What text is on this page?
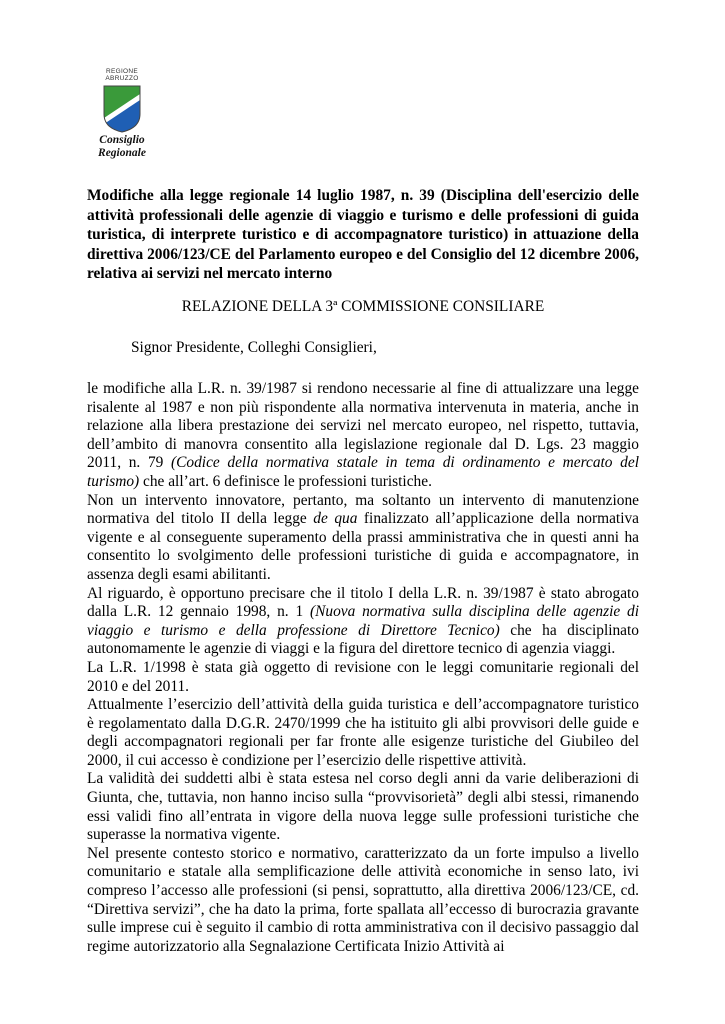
REGIONE
ABRUZZO
Consiglio
Regionale

Modifiche alla legge regionale 14 luglio 1987, n. 39 (Disciplina dell'esercizio delle attività professionali delle agenzie di viaggio e turismo e delle professioni di guida turistica, di interprete turistico e di accompagnatore turistico) in attuazione della direttiva 2006/123/CE del Parlamento europeo e del Consiglio del 12 dicembre 2006, relativa ai servizi nel mercato interno

RELAZIONE DELLA 3ª COMMISSIONE CONSILIARE

Signor Presidente, Colleghi Consiglieri,

le modifiche alla L.R. n. 39/1987 si rendono necessarie al fine di attualizzare una legge risalente al 1987 e non più rispondente alla normativa intervenuta in materia, anche in relazione alla libera prestazione dei servizi nel mercato europeo, nel rispetto, tuttavia, dell’ambito di manovra consentito alla legislazione regionale dal D. Lgs. 23 maggio 2011, n. 79 (Codice della normativa statale in tema di ordinamento e mercato del turismo) che all’art. 6 definisce le professioni turistiche.

Non un intervento innovatore, pertanto, ma soltanto un intervento di manutenzione normativa del titolo II della legge de qua finalizzato all’applicazione della normativa vigente e al conseguente superamento della prassi amministrativa che in questi anni ha consentito lo svolgimento delle professioni turistiche di guida e accompagnatore, in assenza degli esami abilitanti.

Al riguardo, è opportuno precisare che il titolo I della L.R. n. 39/1987 è stato abrogato dalla L.R. 12 gennaio 1998, n. 1 (Nuova normativa sulla disciplina delle agenzie di viaggio e turismo e della professione di Direttore Tecnico) che ha disciplinato autonomamente le agenzie di viaggi e la figura del direttore tecnico di agenzia viaggi.

La L.R. 1/1998 è stata già oggetto di revisione con le leggi comunitarie regionali del 2010 e del 2011.

Attualmente l’esercizio dell’attività della guida turistica e dell’accompagnatore turistico è regolamentato dalla D.G.R. 2470/1999 che ha istituito gli albi provvisori delle guide e degli accompagnatori regionali per far fronte alle esigenze turistiche del Giubileo del 2000, il cui accesso è condizione per l’esercizio delle rispettive attività.

La validità dei suddetti albi è stata estesa nel corso degli anni da varie deliberazioni di Giunta, che, tuttavia, non hanno inciso sulla “provvisorietà” degli albi stessi, rimanendo essi validi fino all’entrata in vigore della nuova legge sulle professioni turistiche che superasse la normativa vigente.

Nel presente contesto storico e normativo, caratterizzato da un forte impulso a livello comunitario e statale alla semplificazione delle attività economiche in senso lato, ivi compreso l’accesso alle professioni (si pensi, soprattutto, alla direttiva 2006/123/CE, cd. “Direttiva servizi”, che ha dato la prima, forte spallata all’eccesso di burocrazia gravante sulle imprese cui è seguito il cambio di rotta amministrativa con il decisivo passaggio dal regime autorizzatorio alla Segnalazione Certificata Inizio Attività ai
